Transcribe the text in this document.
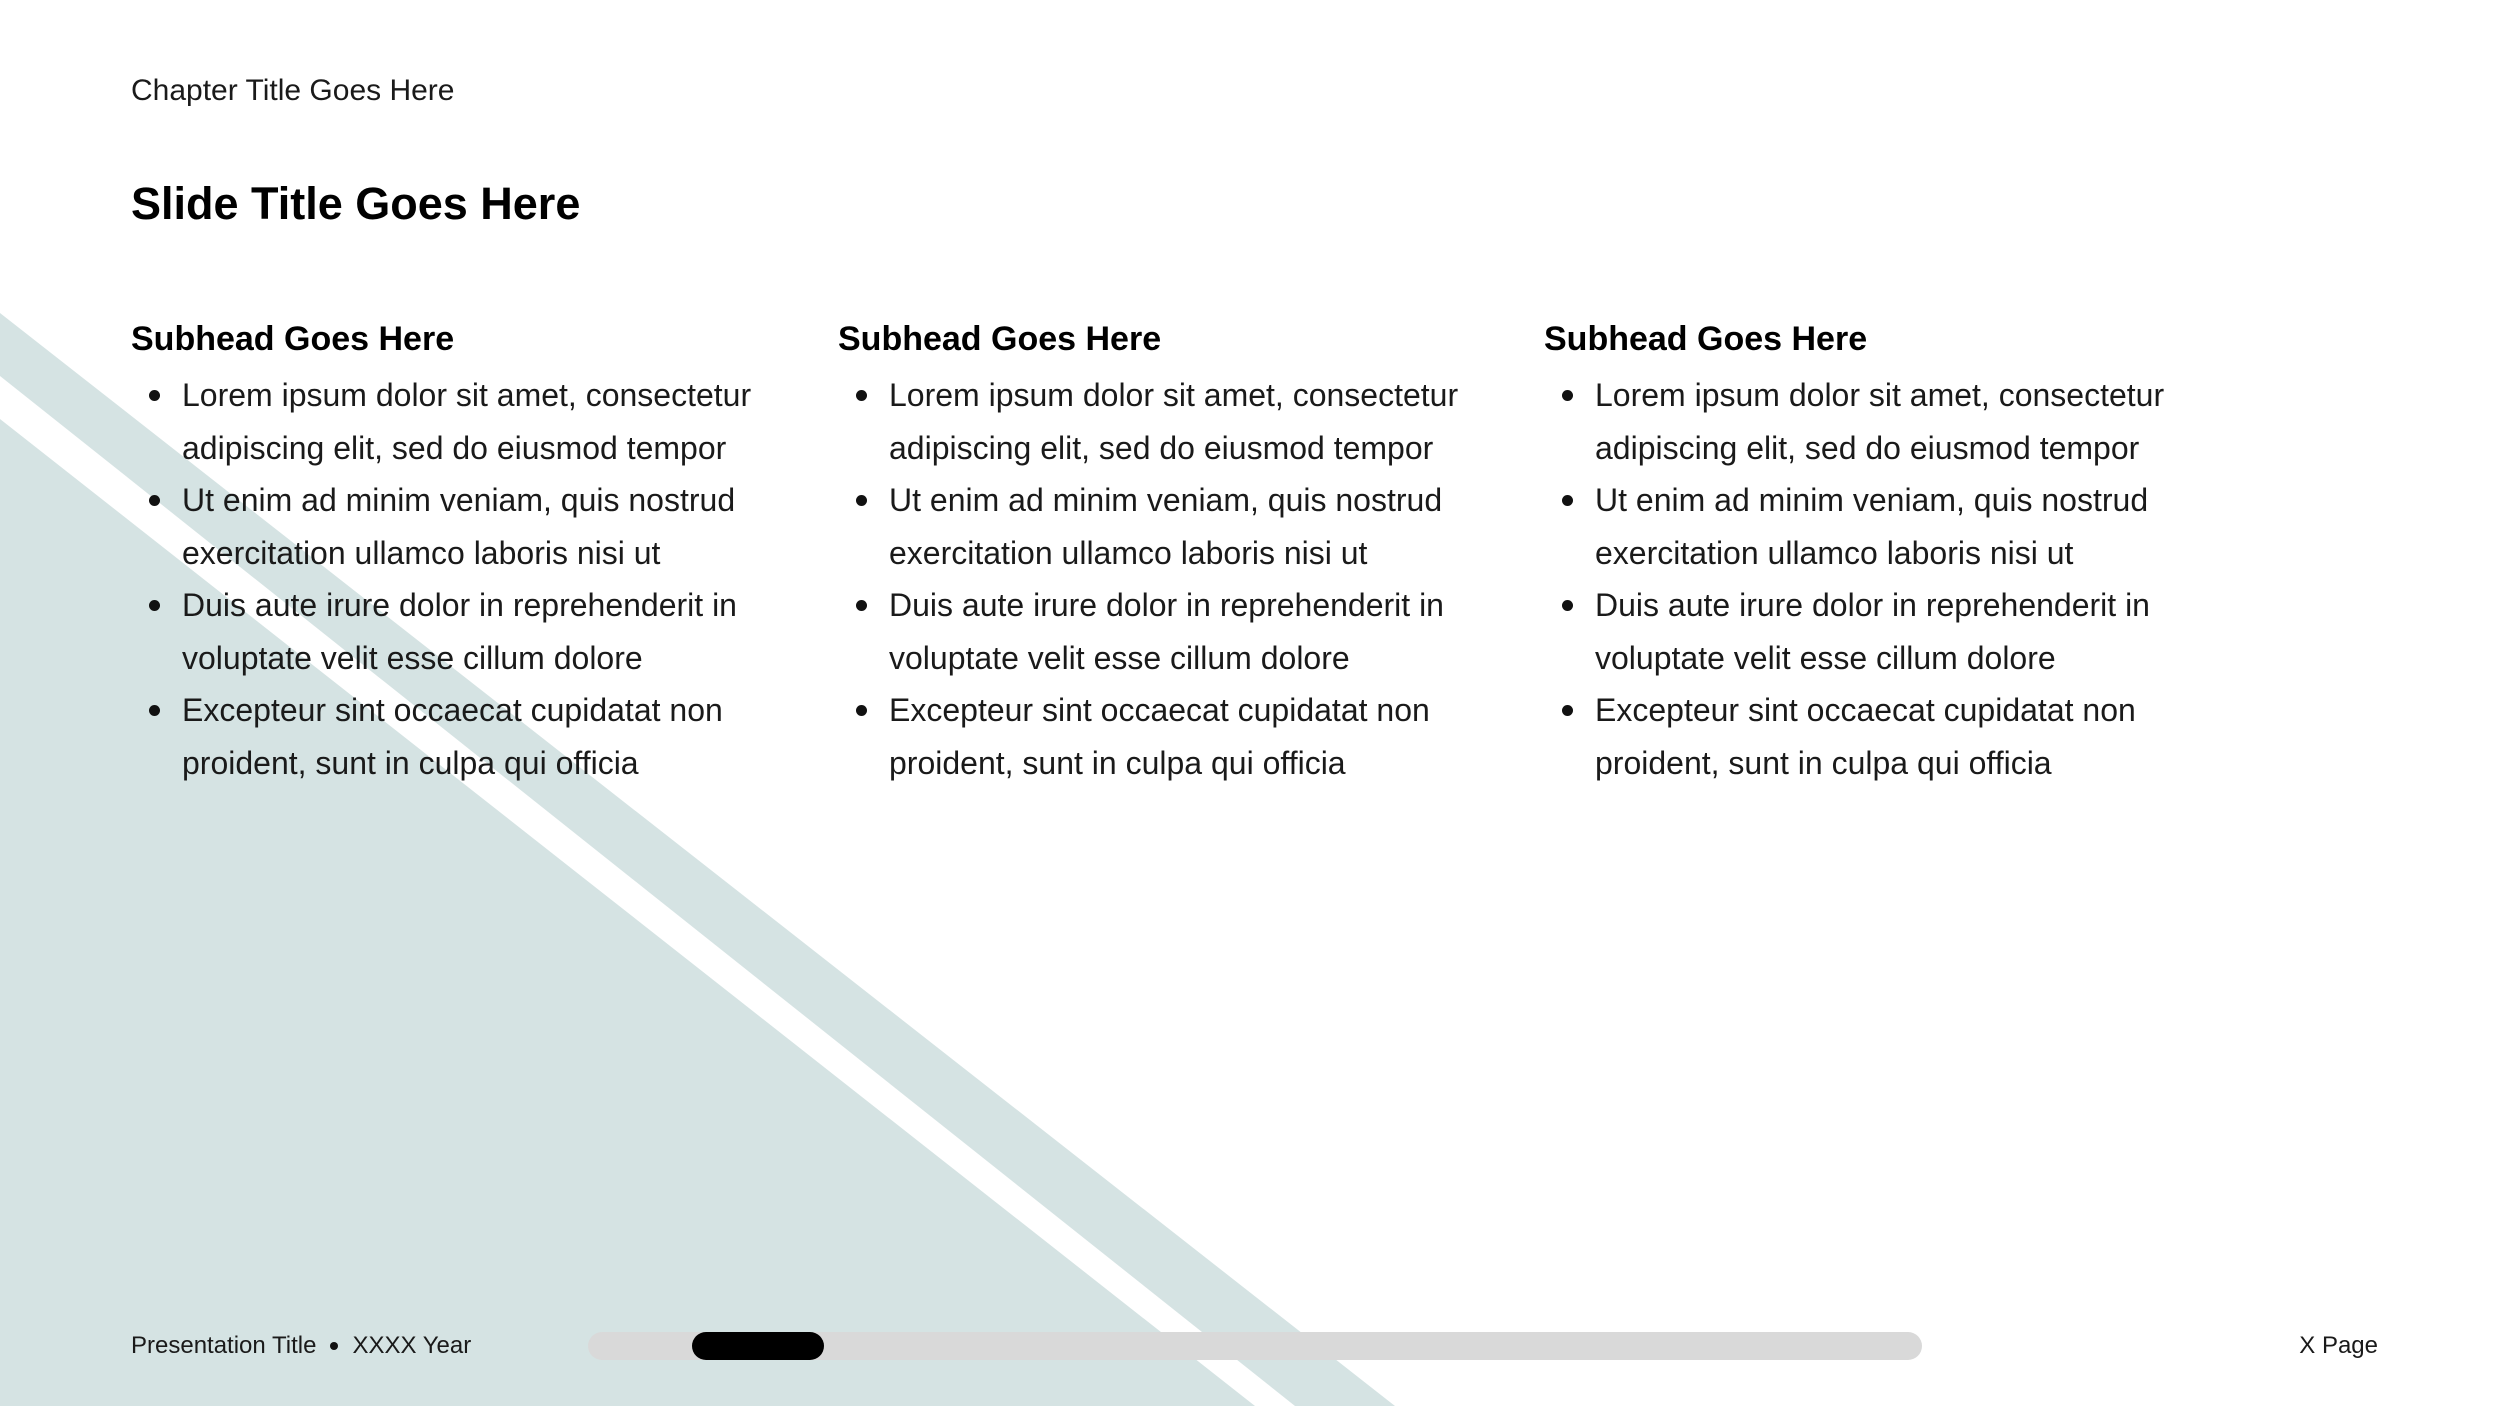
Chapter Title Goes Here
Slide Title Goes Here
Subhead Goes Here
Lorem ipsum dolor sit amet, consectetur adipiscing elit, sed do eiusmod tempor
Ut enim ad minim veniam, quis nostrud exercitation ullamco laboris nisi ut
Duis aute irure dolor in reprehenderit in voluptate velit esse cillum dolore
Excepteur sint occaecat cupidatat non proident, sunt in culpa qui officia
Subhead Goes Here
Lorem ipsum dolor sit amet, consectetur adipiscing elit, sed do eiusmod tempor
Ut enim ad minim veniam, quis nostrud exercitation ullamco laboris nisi ut
Duis aute irure dolor in reprehenderit in voluptate velit esse cillum dolore
Excepteur sint occaecat cupidatat non proident, sunt in culpa qui officia
Subhead Goes Here
Lorem ipsum dolor sit amet, consectetur adipiscing elit, sed do eiusmod tempor
Ut enim ad minim veniam, quis nostrud exercitation ullamco laboris nisi ut
Duis aute irure dolor in reprehenderit in voluptate velit esse cillum dolore
Excepteur sint occaecat cupidatat non proident, sunt in culpa qui officia
Presentation Title XXXX Year	X Page
